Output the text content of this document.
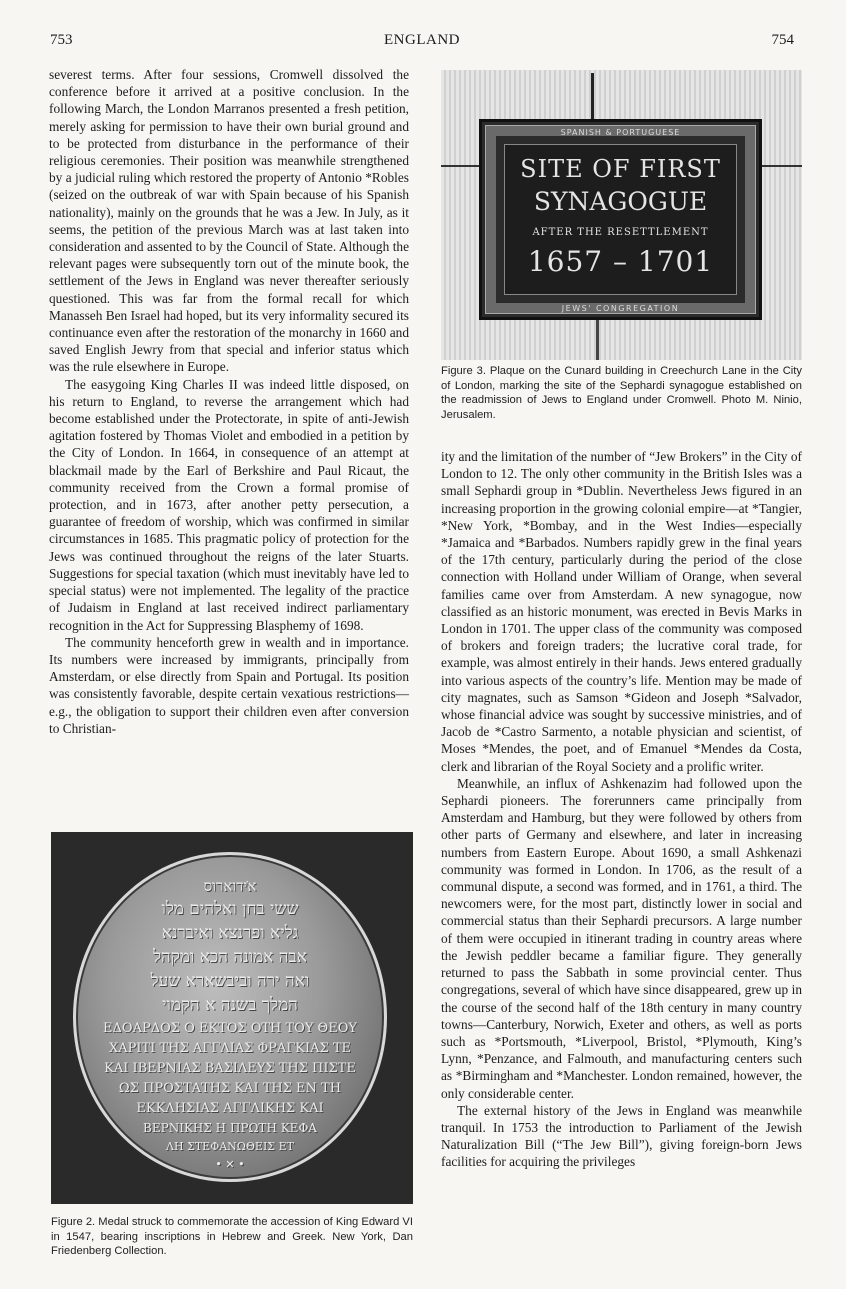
753	ENGLAND	754

severest terms. After four sessions, Cromwell dissolved the conference before it arrived at a positive conclusion. In the following March, the London Marranos presented a fresh petition, merely asking for permission to have their own burial ground and to be protected from disturbance in the performance of their religious ceremonies. Their position was meanwhile strengthened by a judicial ruling which restored the property of Antonio *Robles (seized on the outbreak of war with Spain because of his Spanish nationality), mainly on the grounds that he was a Jew. In July, as it seems, the petition of the previous March was at last taken into consideration and assented to by the Council of State. Although the relevant pages were subsequently torn out of the minute book, the settlement of the Jews in England was never thereafter seriously questioned. This was far from the formal recall for which Manasseh Ben Israel had hoped, but its very informality secured its continuance even after the restoration of the monarchy in 1660 and saved English Jewry from that special and inferior status which was the rule elsewhere in Europe.

The easygoing King Charles II was indeed little disposed, on his return to England, to reverse the arrangement which had become established under the Protectorate, in spite of anti-Jewish agitation fostered by Thomas Violet and embodied in a petition by the City of London. In 1664, in consequence of an attempt at blackmail made by the Earl of Berkshire and Paul Ricaut, the community received from the Crown a formal promise of protection, and in 1673, after another petty persecution, a guarantee of freedom of worship, which was confirmed in similar circumstances in 1685. This pragmatic policy of protection for the Jews was continued throughout the reigns of the later Stuarts. Suggestions for special taxation (which must inevitably have led to special status) were not implemented. The legality of the practice of Judaism in England at last received indirect parliamentary recognition in the Act for Suppressing Blasphemy of 1698.

The community henceforth grew in wealth and in importance. Its numbers were increased by immigrants, principally from Amsterdam, or else directly from Spain and Portugal. Its position was consistently favorable, despite certain vexatious restrictions—e.g., the obligation to support their children even after conversion to Christian-

א̇ידוארוס
ששי בחן ואלהים מלו
גליא ופרנצא ואיברנא
אבה אמונה הכא ומקהל
ואה ירה וביבשארא שעל
המלך בשנה א הקמוי
ΕΔΟΑΡΔΟΣ Ο ΕΚΤΟΣ ΟΤΗ ΤΟΥ ΘΕΟΥ
ΧΑΡΙΤΙ ΤΗΣ ΑΓΓΛΙΑΣ ΦΡΑΓΚΙΑΣ ΤΕ
ΚΑΙ ΙΒΕΡΝΙΑΣ ΒΑΣΙΛΕΥΣ ΤΗΣ ΠΙΣΤΕ
ΩΣ ΠΡΟΣΤΑΤΗΣ ΚΑΙ ΤΗΣ ΕΝ ΤΗ
ΕΚΚΛΗΣΙΑΣ ΑΓΓΛΙΚΗΣ ΚΑΙ
ΒΕΡΝΙΚΗΣ Η ΠΡΩΤΗ ΚΕΦΑ
ΛΗ ΣΤΕΦΑΝΩΘΕΙΣ ΕΤ
• ✕ •
Figure 2. Medal struck to commemorate the accession of King Edward VI in 1547, bearing inscriptions in Hebrew and Greek. New York, Dan Friedenberg Collection.
SPANISH & PORTUGUESE
SITE OF FIRST
SYNAGOGUE
AFTER THE RESETTLEMENT
1657 – 1701
JEWS' CONGREGATION
Figure 3. Plaque on the Cunard building in Creechurch Lane in the City of London, marking the site of the Sephardi synagogue established on the readmission of Jews to England under Cromwell. Photo M. Ninio, Jerusalem.

ity and the limitation of the number of “Jew Brokers” in the City of London to 12. The only other community in the British Isles was a small Sephardi group in *Dublin. Nevertheless Jews figured in an increasing proportion in the growing colonial empire—at *Tangier, *New York, *Bombay, and in the West Indies—especially *Jamaica and *Barbados. Numbers rapidly grew in the final years of the 17th century, particularly during the period of the close connection with Holland under William of Orange, when several families came over from Amsterdam. A new synagogue, now classified as an historic monument, was erected in Bevis Marks in London in 1701. The upper class of the community was composed of brokers and foreign traders; the lucrative coral trade, for example, was almost entirely in their hands. Jews entered gradually into various aspects of the country’s life. Mention may be made of city magnates, such as Samson *Gideon and Joseph *Salvador, whose financial advice was sought by successive ministries, and of Jacob de *Castro Sarmento, a notable physician and scientist, of Moses *Mendes, the poet, and of Emanuel *Mendes da Costa, clerk and librarian of the Royal Society and a prolific writer.

Meanwhile, an influx of Ashkenazim had followed upon the Sephardi pioneers. The forerunners came principally from Amsterdam and Hamburg, but they were followed by others from other parts of Germany and elsewhere, and later in increasing numbers from Eastern Europe. About 1690, a small Ashkenazi community was formed in London. In 1706, as the result of a communal dispute, a second was formed, and in 1761, a third. The newcomers were, for the most part, distinctly lower in social and commercial status than their Sephardi precursors. A large number of them were occupied in itinerant trading in country areas where the Jewish peddler became a familiar figure. They generally returned to pass the Sabbath in some provincial center. Thus congregations, several of which have since disappeared, grew up in the course of the second half of the 18th century in many country towns—Canterbury, Norwich, Exeter and others, as well as ports such as *Portsmouth, *Liverpool, Bristol, *Plymouth, King’s Lynn, *Penzance, and Falmouth, and manufacturing centers such as *Birmingham and *Manchester. London remained, however, the only considerable center.

The external history of the Jews in England was meanwhile tranquil. In 1753 the introduction to Parliament of the Jewish Naturalization Bill (“The Jew Bill”), giving foreign-born Jews facilities for acquiring the privileges
